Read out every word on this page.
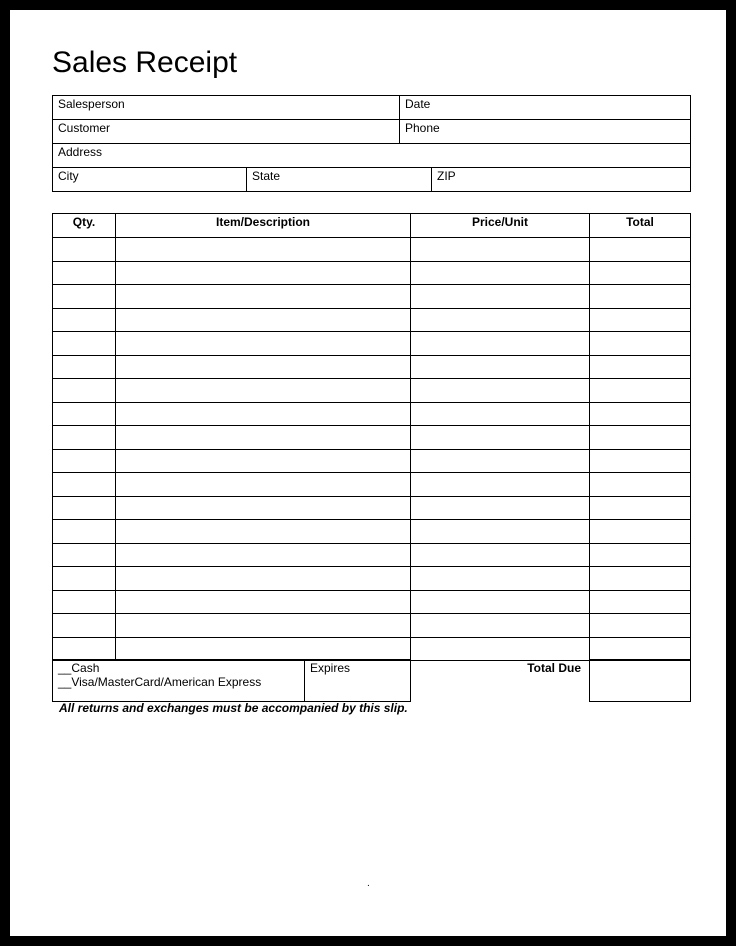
Sales Receipt
Salesperson		Date	
Customer		Phone	
Address			
City	State		ZIP
Qty.	Item/Description	Price/Unit	Total

__Cash
__Visa/MasterCard/American Express
	Expires	Total Due	
All returns and exchanges must be accompanied by this slip.
.
